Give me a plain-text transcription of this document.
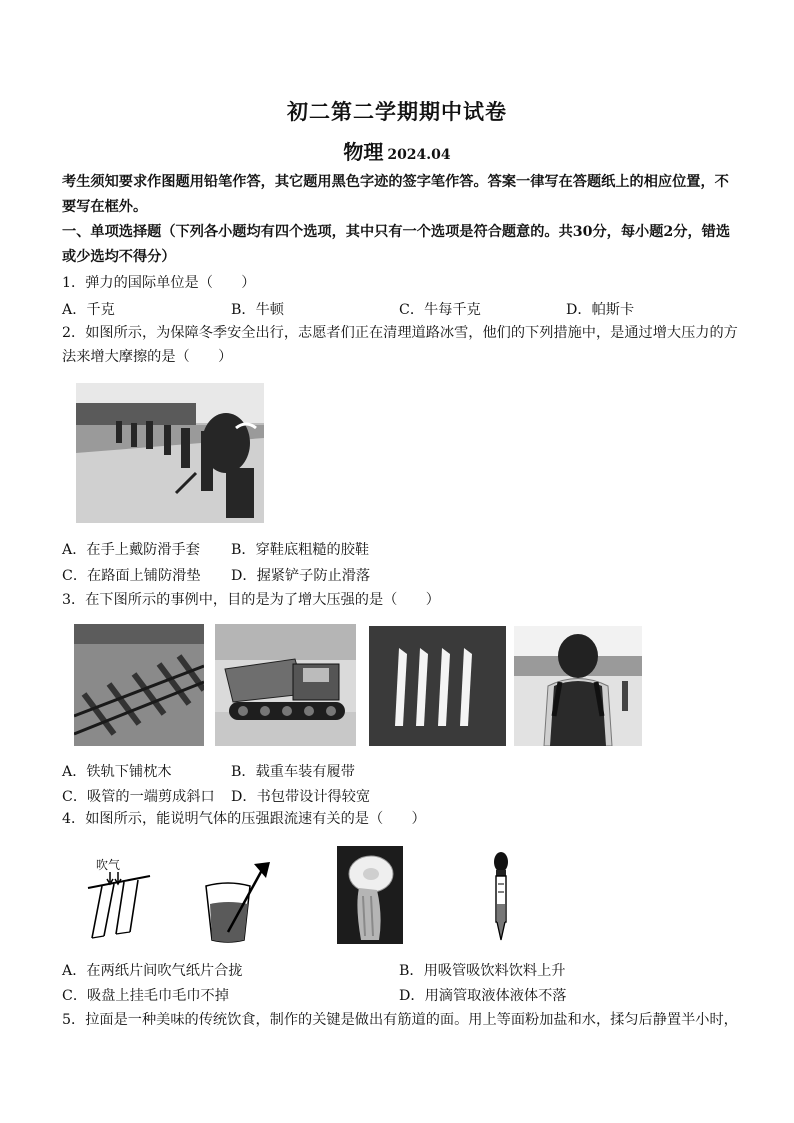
初二第二学期期中试卷
物理 2024.04
考生须知要求作图题用铅笔作答，其它题用黑色字迹的签字笔作答。答案一律写在答题纸上的相应位置，不要写在框外。
一、单项选择题（下列各小题均有四个选项，其中只有一个选项是符合题意的。共30分，每小题2分，错选或少选均不得分）
1．弹力的国际单位是（　　）
A．千克	B．牛顿	C．牛每千克	D．帕斯卡
2．如图所示，为保障冬季安全出行，志愿者们正在清理道路冰雪，他们的下列措施中，是通过增大压力的方
法来增大摩擦的是（　　）
A．在手上戴防滑手套 B．穿鞋底粗糙的胶鞋
C．在路面上铺防滑垫 D．握紧铲子防止滑落
3．在下图所示的事例中，目的是为了增大压强的是（　　）
A．铁轨下铺枕木	B．载重车装有履带
C．吸管的一端剪成斜口 D．书包带设计得较宽
4．如图所示，能说明气体的压强跟流速有关的是（　　）
吹气
A．在两纸片间吹气纸片合拢	B．用吸管吸饮料饮料上升
C．吸盘上挂毛巾毛巾不掉	D．用滴管取液体液体不落
5．拉面是一种美味的传统饮食，制作的关键是做出有筋道的面。用上等面粉加盐和水，揉匀后静置半小时，
